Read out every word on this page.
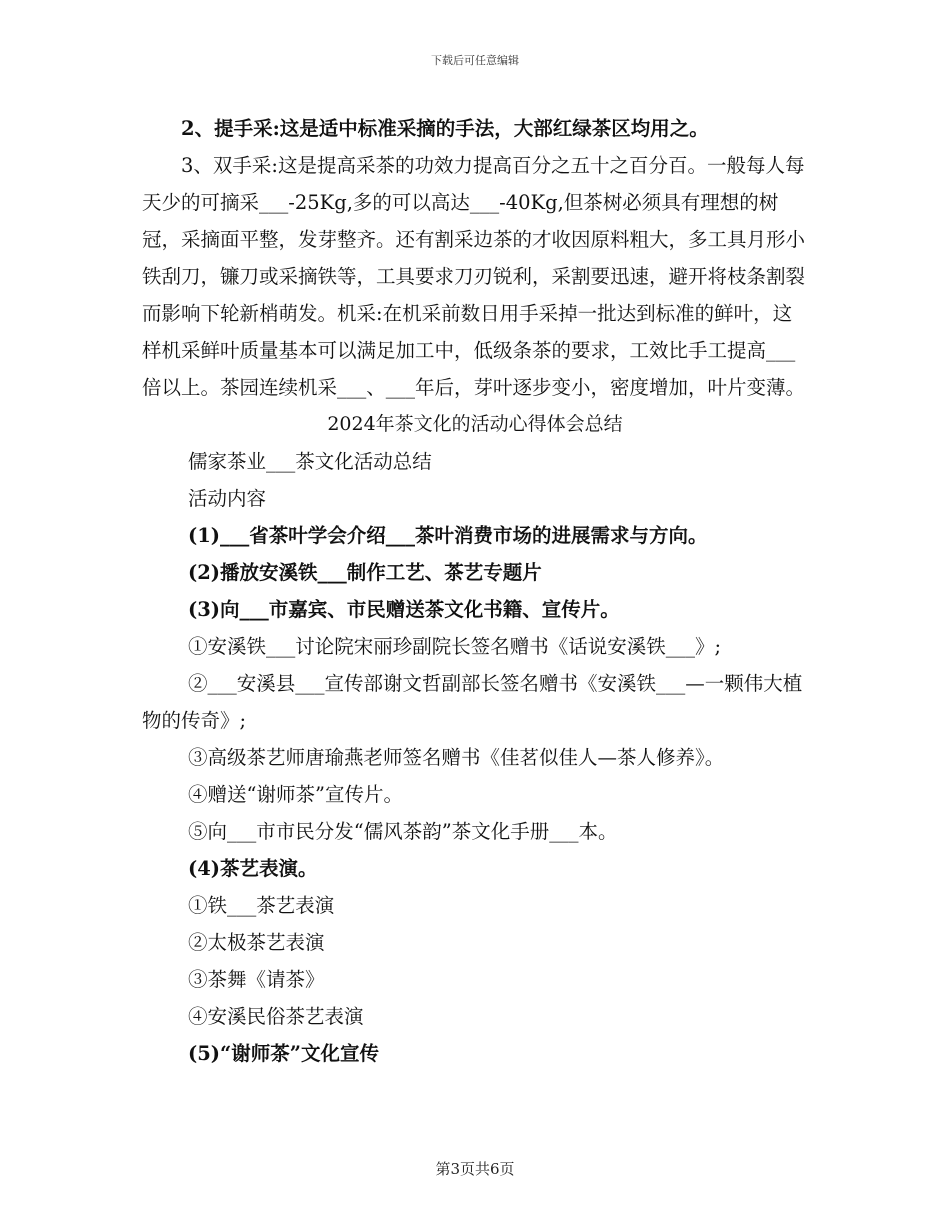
下载后可任意编辑

2、提手采:这是适中标准采摘的手法，大部红绿茶区均用之。

3、双手采:这是提高采茶的功效力提高百分之五十之百分百。一般每人每天少的可摘采___-25Kg,多的可以高达___-40Kg,但茶树必须具有理想的树冠，采摘面平整，发芽整齐。还有割采边茶的才收因原料粗大，多工具月形小铁刮刀，镰刀或采摘铁等，工具要求刀刃锐利，采割要迅速，避开将枝条割裂而影响下轮新梢萌发。机采:在机采前数日用手采掉一批达到标准的鲜叶，这样机采鲜叶质量基本可以满足加工中，低级条茶的要求，工效比手工提高___倍以上。茶园连续机采___、___年后，芽叶逐步变小，密度增加，叶片变薄。

2024年茶文化的活动心得体会总结

儒家茶业___茶文化活动总结

活动内容

(1)___省茶叶学会介绍___茶叶消费市场的进展需求与方向。

(2)播放安溪铁___制作工艺、茶艺专题片

(3)向___市嘉宾、市民赠送茶文化书籍、宣传片。

①安溪铁___讨论院宋丽珍副院长签名赠书《话说安溪铁___》;

②___安溪县___宣传部谢文哲副部长签名赠书《安溪铁___—一颗伟大植物的传奇》;

③高级茶艺师唐瑜燕老师签名赠书《佳茗似佳人—茶人修养》。

④赠送“谢师茶”宣传片。

⑤向___市市民分发“儒风茶韵”茶文化手册___本。

(4)茶艺表演。

①铁___茶艺表演

②太极茶艺表演

③茶舞《请茶》

④安溪民俗茶艺表演

(5)“谢师茶”文化宣传

第3页共6页
